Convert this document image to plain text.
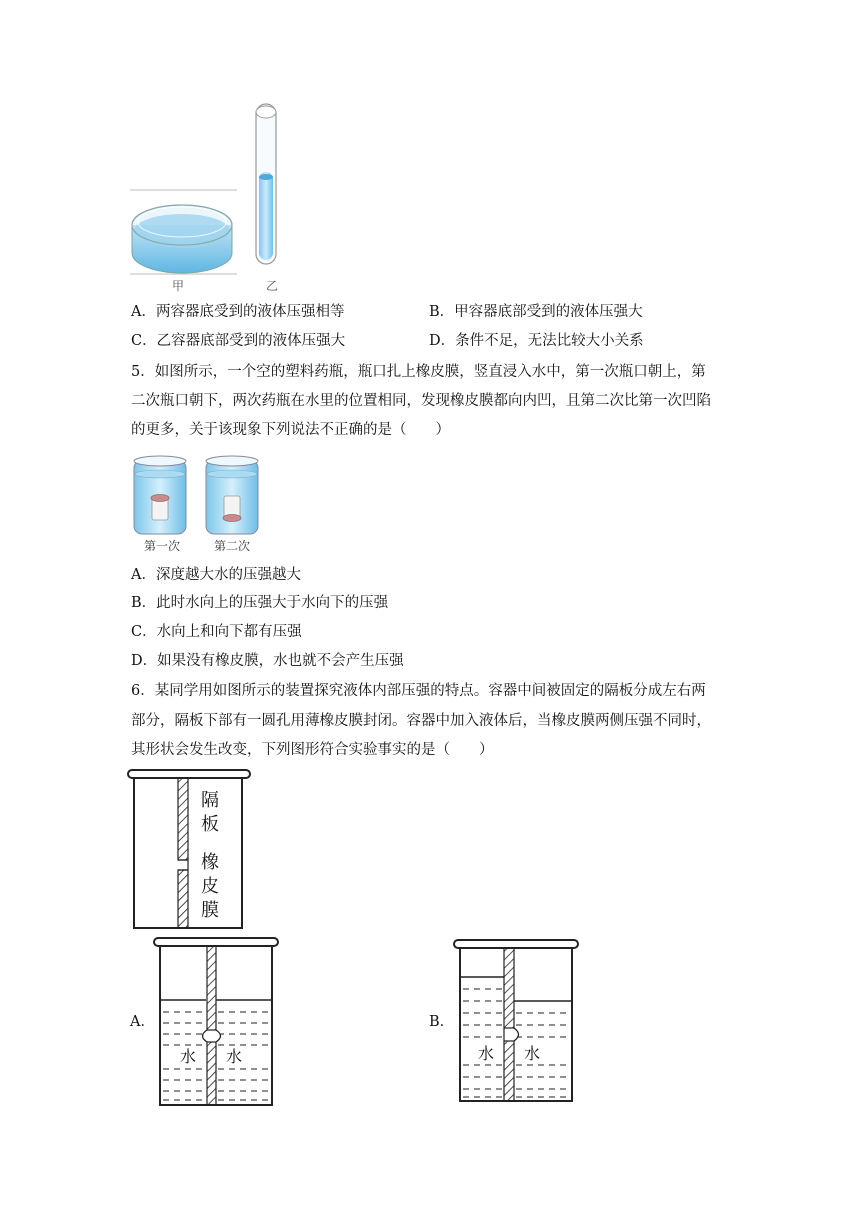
甲	乙
A．两容器底受到的液体压强相等	B．甲容器底部受到的液体压强大
C．乙容器底部受到的液体压强大	D．条件不足，无法比较大小关系
5．如图所示，一个空的塑料药瓶，瓶口扎上橡皮膜，竖直浸入水中，第一次瓶口朝上，第
二次瓶口朝下，两次药瓶在水里的位置相同，发现橡皮膜都向内凹，且第二次比第一次凹陷
的更多，关于该现象下列说法不正确的是（　　）
第一次	第二次
A．深度越大水的压强越大
B．此时水向上的压强大于水向下的压强
C．水向上和向下都有压强
D．如果没有橡皮膜，水也就不会产生压强
6．某同学用如图所示的装置探究液体内部压强的特点。容器中间被固定的隔板分成左右两
部分，隔板下部有一圆孔用薄橡皮膜封闭。容器中加入液体后，当橡皮膜两侧压强不同时，
其形状会发生改变，下列图形符合实验事实的是（　　）
隔
板
橡
皮
膜
A．
水 水
B．
水 水
